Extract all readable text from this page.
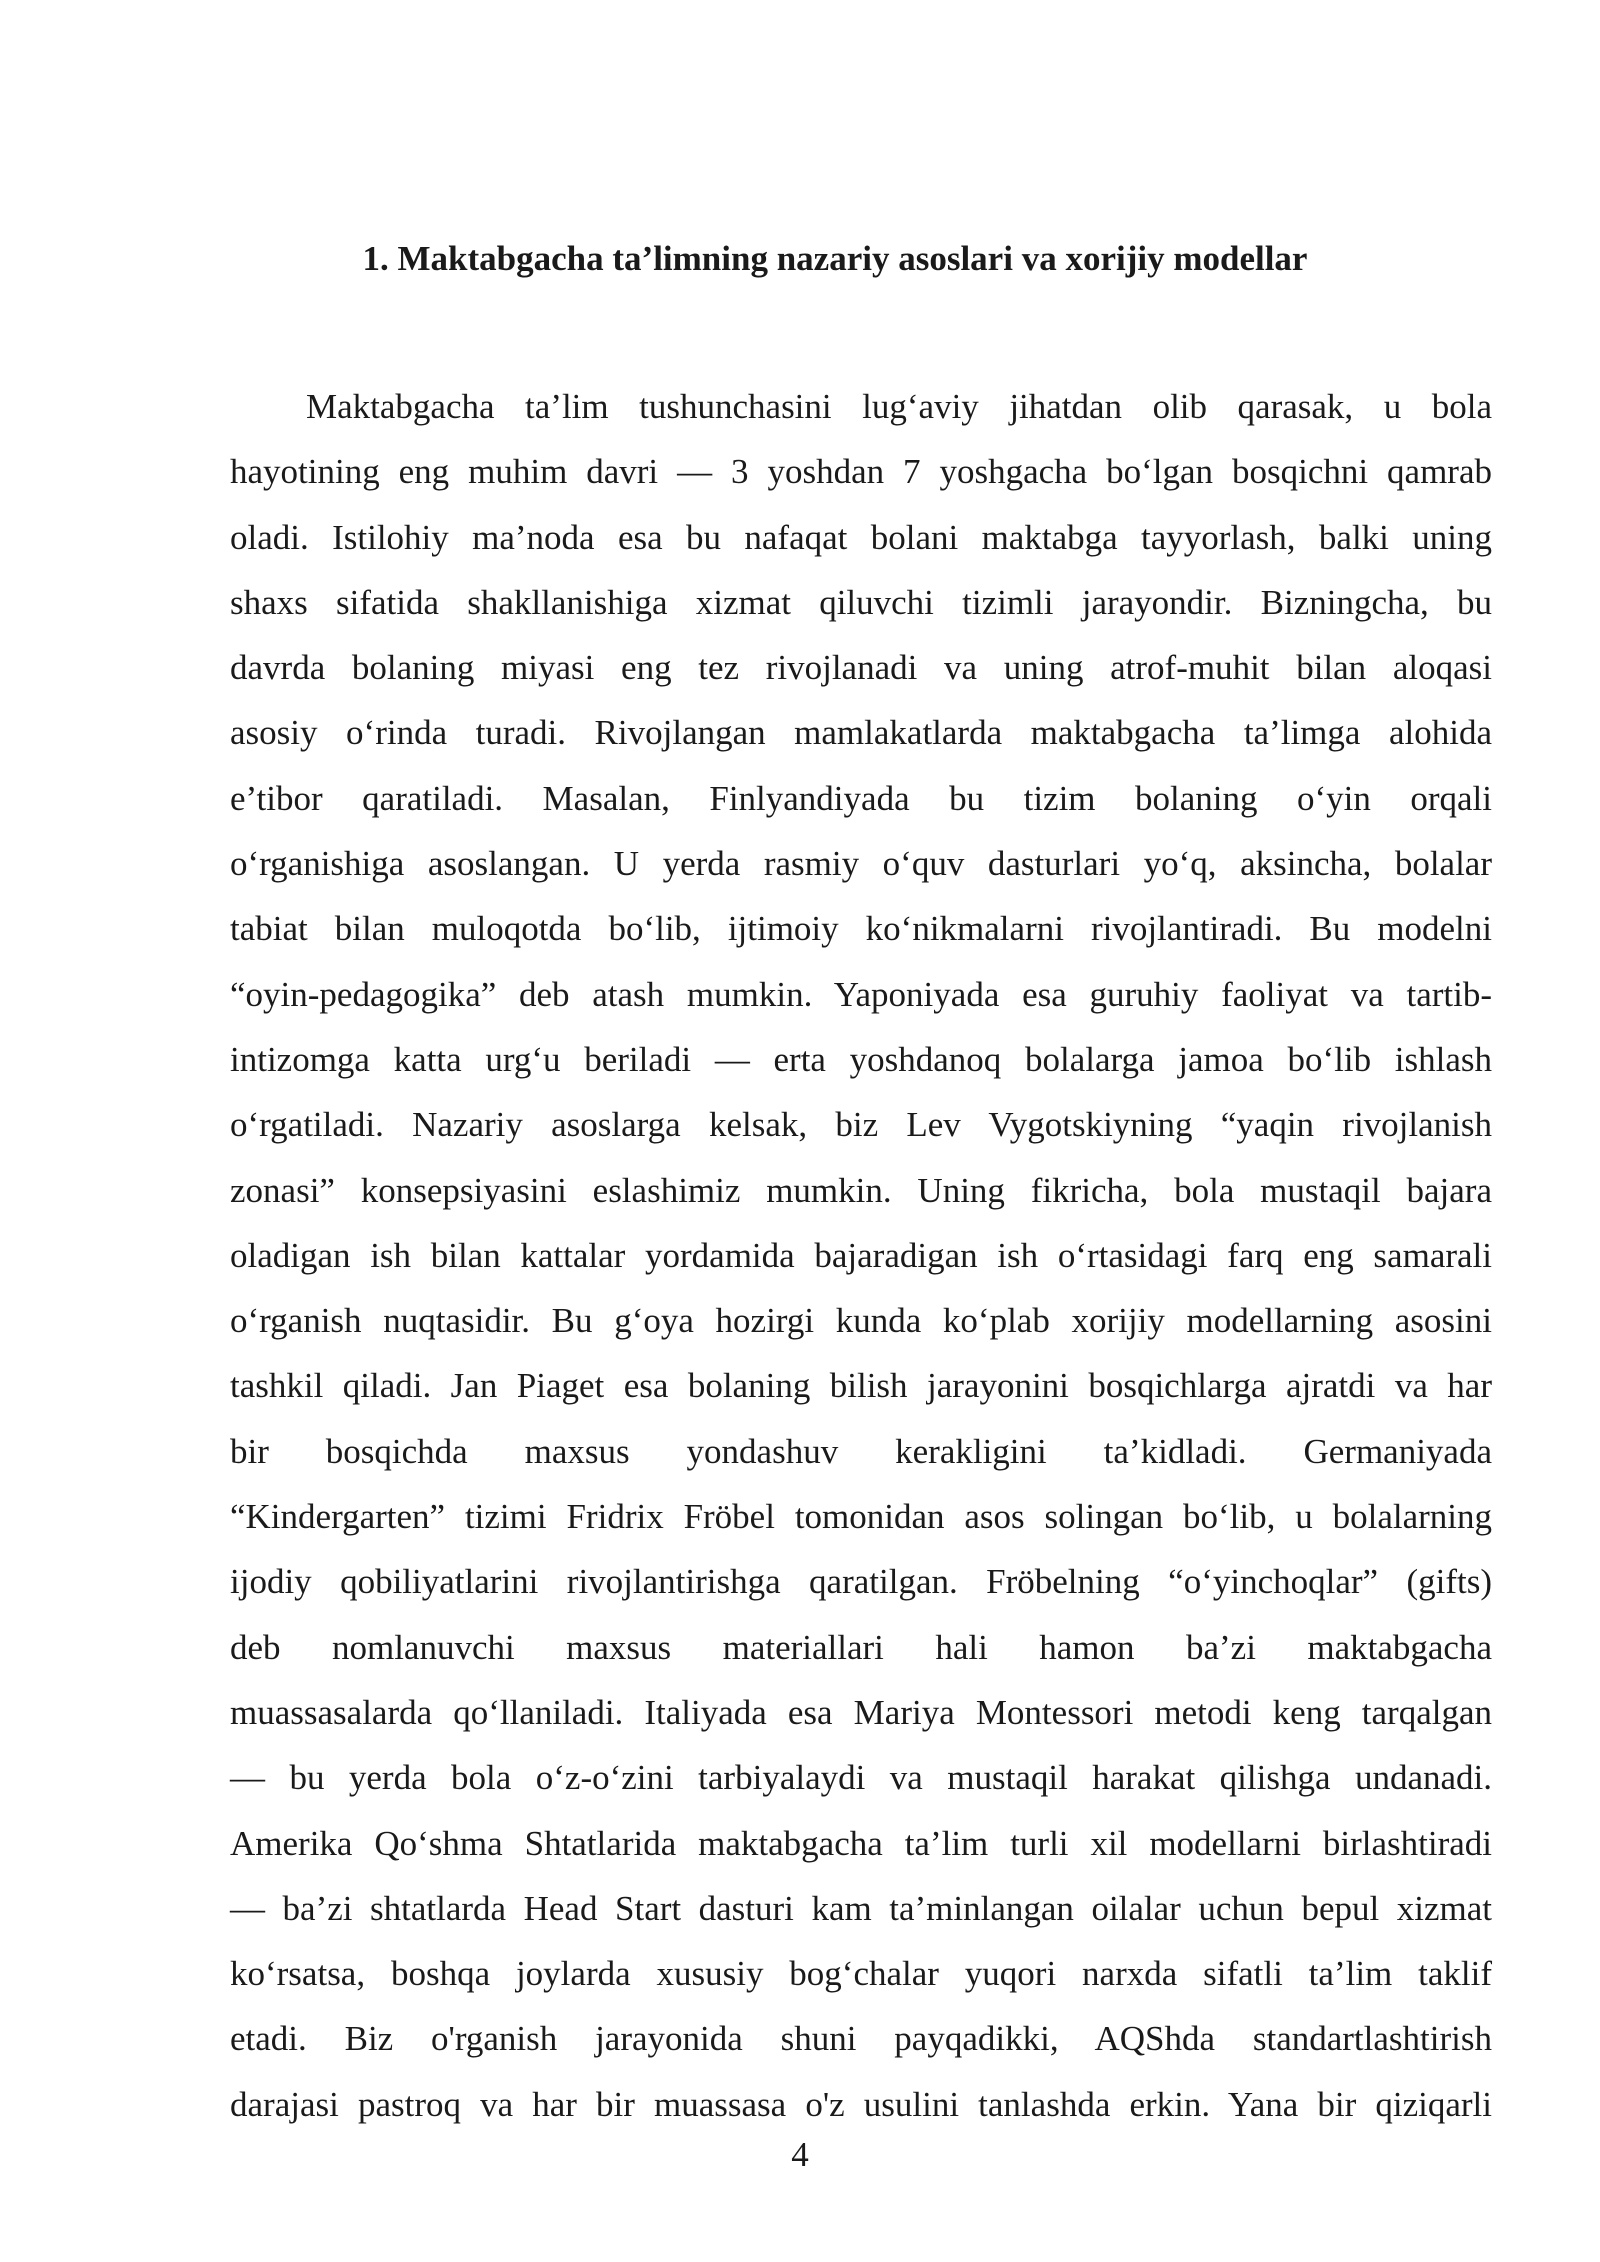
1. Maktabgacha ta’limning nazariy asoslari va xorijiy modellar
Maktabgacha ta’lim tushunchasini lug‘aviy jihatdan olib qarasak, u bola
hayotining eng muhim davri — 3 yoshdan 7 yoshgacha bo‘lgan bosqichni qamrab
oladi. Istilohiy ma’noda esa bu nafaqat bolani maktabga tayyorlash, balki uning
shaxs sifatida shakllanishiga xizmat qiluvchi tizimli jarayondir. Bizningcha, bu
davrda bolaning miyasi eng tez rivojlanadi va uning atrof-muhit bilan aloqasi
asosiy o‘rinda turadi. Rivojlangan mamlakatlarda maktabgacha ta’limga alohida
e’tibor qaratiladi. Masalan, Finlyandiyada bu tizim bolaning o‘yin orqali
o‘rganishiga asoslangan. U yerda rasmiy o‘quv dasturlari yo‘q, aksincha, bolalar
tabiat bilan muloqotda bo‘lib, ijtimoiy ko‘nikmalarni rivojlantiradi. Bu modelni
“oyin-pedagogika” deb atash mumkin. Yaponiyada esa guruhiy faoliyat va tartib-
intizomga katta urg‘u beriladi — erta yoshdanoq bolalarga jamoa bo‘lib ishlash
o‘rgatiladi. Nazariy asoslarga kelsak, biz Lev Vygotskiyning “yaqin rivojlanish
zonasi” konsepsiyasini eslashimiz mumkin. Uning fikricha, bola mustaqil bajara
oladigan ish bilan kattalar yordamida bajaradigan ish o‘rtasidagi farq eng samarali
o‘rganish nuqtasidir. Bu g‘oya hozirgi kunda ko‘plab xorijiy modellarning asosini
tashkil qiladi. Jan Piaget esa bolaning bilish jarayonini bosqichlarga ajratdi va har
bir bosqichda maxsus yondashuv kerakligini ta’kidladi. Germaniyada
“Kindergarten” tizimi Fridrix Fröbel tomonidan asos solingan bo‘lib, u bolalarning
ijodiy qobiliyatlarini rivojlantirishga qaratilgan. Fröbelning “o‘yinchoqlar” (gifts)
deb nomlanuvchi maxsus materiallari hali hamon ba’zi maktabgacha
muassasalarda qo‘llaniladi. Italiyada esa Mariya Montessori metodi keng tarqalgan
— bu yerda bola o‘z-o‘zini tarbiyalaydi va mustaqil harakat qilishga undanadi.
Amerika Qo‘shma Shtatlarida maktabgacha ta’lim turli xil modellarni birlashtiradi
— ba’zi shtatlarda Head Start dasturi kam ta’minlangan oilalar uchun bepul xizmat
ko‘rsatsa, boshqa joylarda xususiy bog‘chalar yuqori narxda sifatli ta’lim taklif
etadi. Biz o'rganish jarayonida shuni payqadikki, AQShda standartlashtirish
darajasi pastroq va har bir muassasa o'z usulini tanlashda erkin. Yana bir qiziqarli
4
